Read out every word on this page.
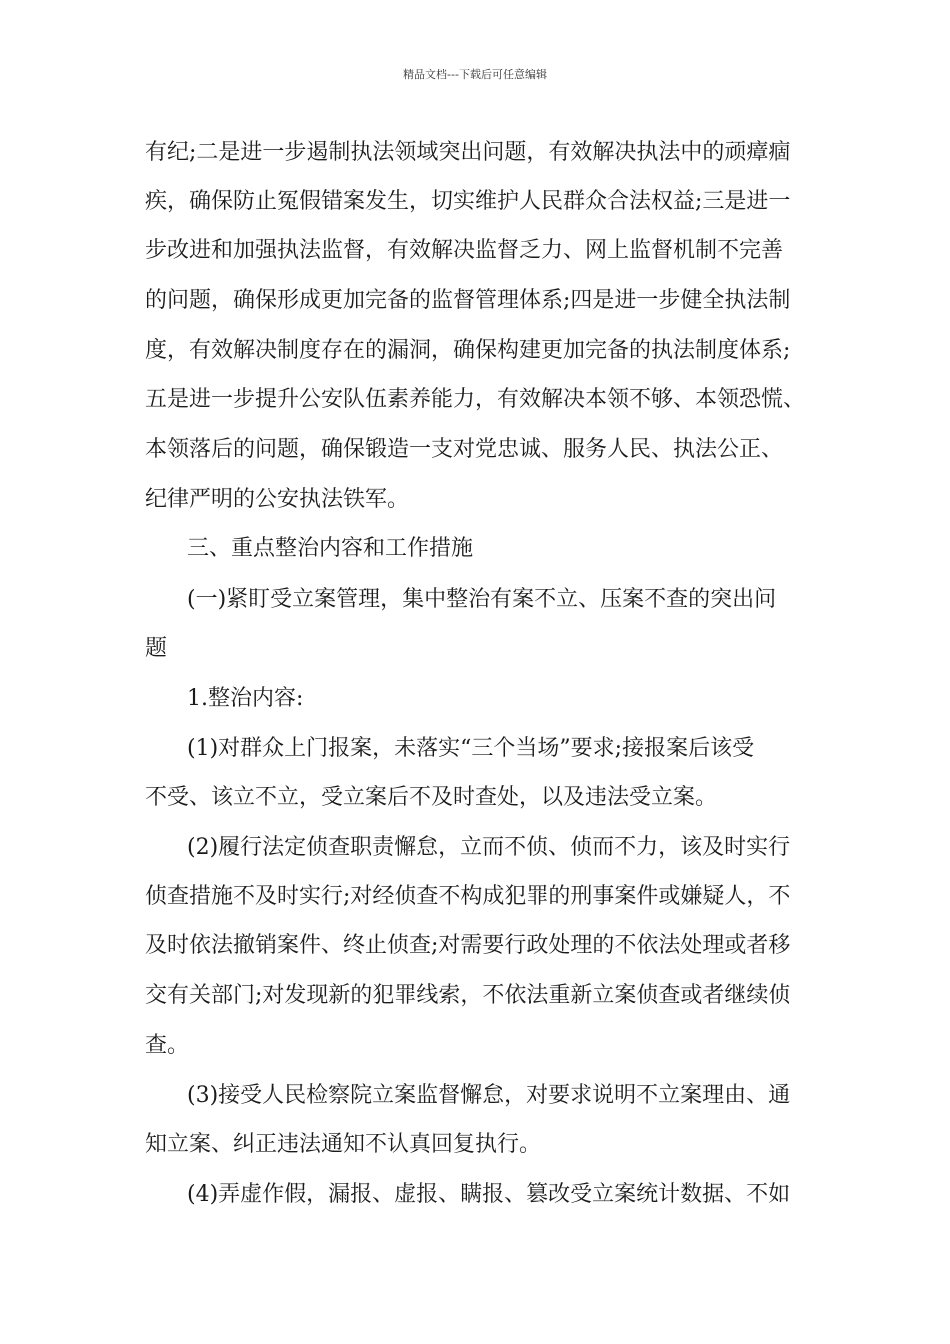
精品文档---下载后可任意编辑
有纪;二是进一步遏制执法领域突出问题，有效解决执法中的顽瘴痼
疾，确保防止冤假错案发生，切实维护人民群众合法权益;三是进一
步改进和加强执法监督，有效解决监督乏力、网上监督机制不完善
的问题，确保形成更加完备的监督管理体系;四是进一步健全执法制
度，有效解决制度存在的漏洞，确保构建更加完备的执法制度体系;
五是进一步提升公安队伍素养能力，有效解决本领不够、本领恐慌、
本领落后的问题，确保锻造一支对党忠诚、服务人民、执法公正、
纪律严明的公安执法铁军。
三、重点整治内容和工作措施
(一)紧盯受立案管理，集中整治有案不立、压案不查的突出问
题
1.整治内容:
(1)对群众上门报案，未落实“三个当场”要求;接报案后该受
不受、该立不立，受立案后不及时查处，以及违法受立案。
(2)履行法定侦查职责懈怠，立而不侦、侦而不力，该及时实行
侦查措施不及时实行;对经侦查不构成犯罪的刑事案件或嫌疑人，不
及时依法撤销案件、终止侦查;对需要行政处理的不依法处理或者移
交有关部门;对发现新的犯罪线索，不依法重新立案侦查或者继续侦
查。
(3)接受人民检察院立案监督懈怠，对要求说明不立案理由、通
知立案、纠正违法通知不认真回复执行。
(4)弄虚作假，漏报、虚报、瞒报、篡改受立案统计数据、不如
